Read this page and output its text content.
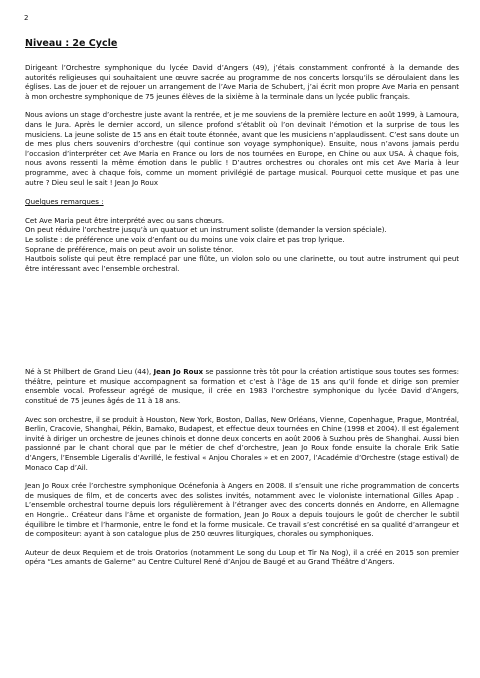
2
Niveau : 2e Cycle

Dirigeant l’Orchestre symphonique du lycée David d’Angers (49), j’étais constamment confronté à la demande des autorités religieuses qui souhaitaient une œuvre sacrée au programme de nos concerts lorsqu’ils se déroulaient dans les églises. Las de jouer et de rejouer un arrangement de l’Ave Maria de Schubert, j’ai écrit mon propre Ave Maria en pensant à mon orchestre symphonique de 75 jeunes élèves de la sixième à la terminale dans un lycée public français.

Nous avions un stage d’orchestre juste avant la rentrée, et je me souviens de la première lecture en août 1999, à Lamoura, dans le Jura. Après le dernier accord, un silence profond s’établit où l’on devinait l’émotion et la surprise de tous les musiciens. La jeune soliste de 15 ans en était toute étonnée, avant que les musiciens n’applaudissent. C’est sans doute un de mes plus chers souvenirs d’orchestre (qui continue son voyage symphonique). Ensuite, nous n’avons jamais perdu l’occasion d’interpréter cet Ave Maria en France ou lors de nos tournées en Europe, en Chine ou aux USA. À chaque fois, nous avons ressenti la même émotion dans le public ! D’autres orchestres ou chorales ont mis cet Ave Maria à leur programme, avec à chaque fois, comme un moment privilégié de partage musical. Pourquoi cette musique et pas une autre ? Dieu seul le sait ! Jean Jo Roux

Quelques remarques :

Cet Ave Maria peut être interprété avec ou sans chœurs.

On peut réduire l’orchestre jusqu’à un quatuor et un instrument soliste (demander la version spéciale).

Le soliste : de préférence une voix d’enfant ou du moins une voix claire et pas trop lyrique.

Soprane de préférence, mais on peut avoir un soliste ténor.

Hautbois soliste qui peut être remplacé par une flûte, un violon solo ou une clarinette, ou tout autre instrument qui peut être intéressant avec l’ensemble orchestral.

Né à St Philbert de Grand Lieu (44), Jean Jo Roux se passionne très tôt pour la création artistique sous toutes ses formes: théâtre, peinture et musique accompagnent sa formation et c’est à l’âge de 15 ans qu’il fonde et dirige son premier ensemble vocal. Professeur agrégé de musique, il crée en 1983 l’orchestre symphonique du lycée David d’Angers, constitué de 75 jeunes âgés de 11 à 18 ans.

Avec son orchestre, il se produit à Houston, New York, Boston, Dallas, New Orléans, Vienne, Copenhague, Prague, Montréal, Berlin, Cracovie, Shanghai, Pékin, Bamako, Budapest, et effectue deux tournées en Chine (1998 et 2004). Il est également invité à diriger un orchestre de jeunes chinois et donne deux concerts en août 2006 à Suzhou près de Shanghai. Aussi bien passionné par le chant choral que par le métier de chef d’orchestre, Jean Jo Roux fonde ensuite la chorale Erik Satie d’Angers, l’Ensemble Ligeralis d’Avrillé, le festival « Anjou Chorales » et en 2007, l’Académie d’Orchestre (stage estival) de Monaco Cap d’Ail.

Jean Jo Roux crée l’orchestre symphonique Océnefonia à Angers en 2008. Il s’ensuit une riche programmation de concerts de musiques de film, et de concerts avec des solistes invités, notamment avec le violoniste international Gilles Apap . L’ensemble orchestral tourne depuis lors régulièrement à l’étranger avec des concerts donnés en Andorre, en Allemagne en Hongrie.. Créateur dans l’âme et organiste de formation, Jean Jo Roux a depuis toujours le goût de chercher le subtil équilibre le timbre et l’harmonie, entre le fond et la forme musicale. Ce travail s’est concrétisé en sa qualité d’arrangeur et de compositeur: ayant à son catalogue plus de 250 œuvres liturgiques, chorales ou symphoniques.

Auteur de deux Requiem et de trois Oratorios (notamment Le song du Loup et Tir Na Nog), il a créé en 2015 son premier opéra “Les amants de Galerne” au Centre Culturel René d’Anjou de Baugé et au Grand Théâtre d’Angers.
